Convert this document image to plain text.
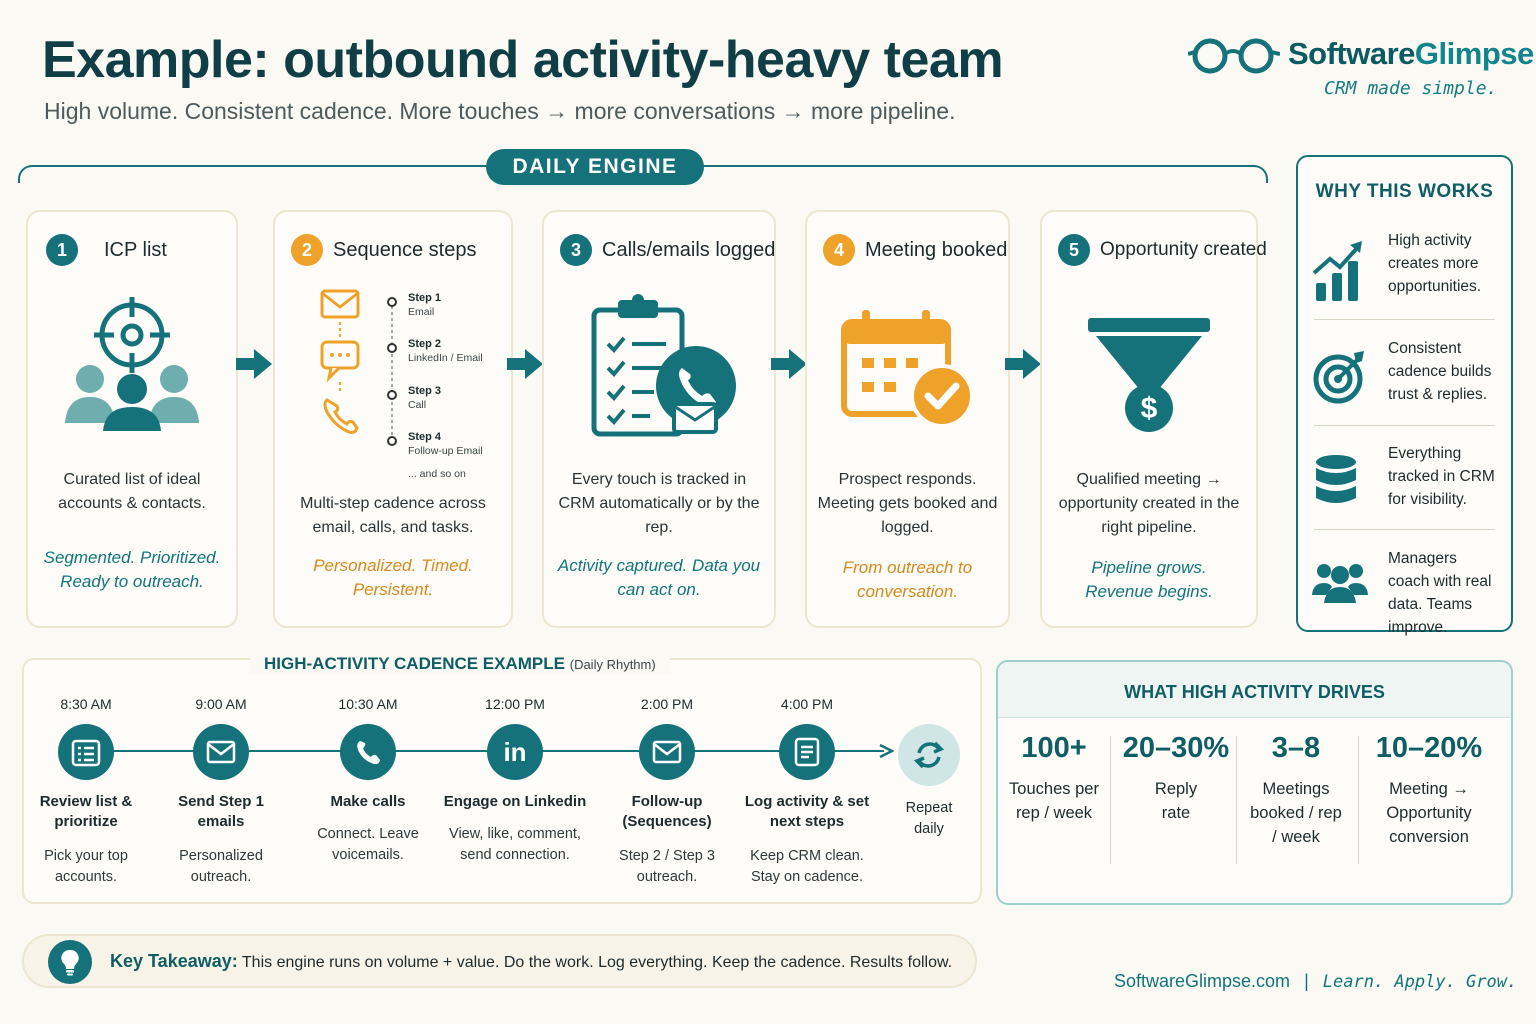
Example: outbound activity-heavy team
High volume. Consistent cadence. More touches → more conversations → more pipeline.
SoftwareGlimpse
CRM made simple.
DAILY ENGINE
1	ICP list
Curated list of ideal accounts & contacts.
Segmented. Prioritized. Ready to outreach.
2	Sequence steps
Step 1
Email
Step 2
LinkedIn / Email
Step 3
Call
Step 4
Follow-up Email
... and so on
Multi-step cadence across email, calls, and tasks.
Personalized. Timed. Persistent.
3	Calls/emails logged
Every touch is tracked in CRM automatically or by the rep.
Activity captured. Data you can act on.
4	Meeting booked
Prospect responds. Meeting gets booked and logged.
From outreach to conversation.
5	Opportunity created
$
Qualified meeting → opportunity created in the right pipeline.
Pipeline grows. Revenue begins.
WHY THIS WORKS
High activity creates more opportunities.
Consistent cadence builds trust & replies.
Everything tracked in CRM for visibility.
Managers coach with real data. Teams improve.
HIGH-ACTIVITY CADENCE EXAMPLE (Daily Rhythm)
8:30 AM
Review list & prioritize
Pick your top accounts.
9:00 AM
Send Step 1 emails
Personalized outreach.
10:30 AM
Make calls
Connect. Leave voicemails.
12:00 PM
in
Engage on Linkedin
View, like, comment, send connection.
2:00 PM
Follow-up (Sequences)
Step 2 / Step 3 outreach.
4:00 PM
Log activity & set next steps
Keep CRM clean. Stay on cadence.
Repeat daily
WHAT HIGH ACTIVITY DRIVES
100+
Touches per rep / week
20–30%
Reply rate
3–8
Meetings booked / rep / week
10–20%
Meeting → Opportunity conversion
Key Takeaway: This engine runs on volume + value. Do the work. Log everything. Keep the cadence. Results follow.
SoftwareGlimpse.com | Learn. Apply. Grow.
